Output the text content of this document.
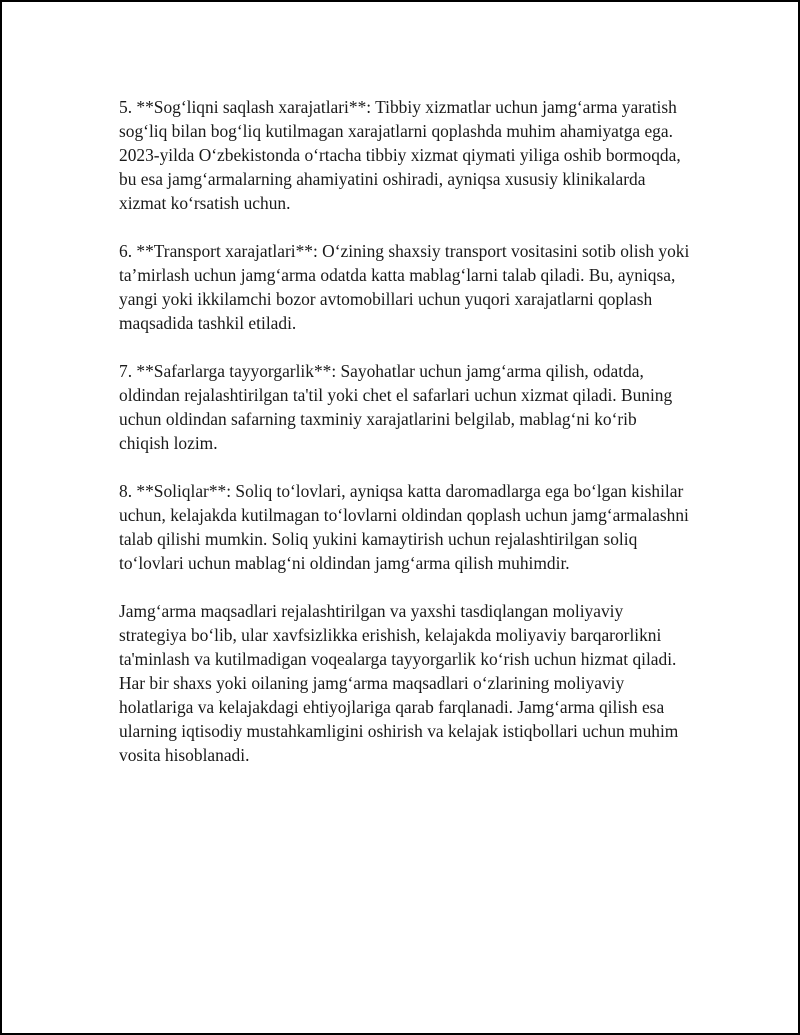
5. **Sog‘liqni saqlash xarajatlari**: Tibbiy xizmatlar uchun jamg‘arma yaratish sog‘liq bilan bog‘liq kutilmagan xarajatlarni qoplashda muhim ahamiyatga ega. 2023-yilda O‘zbekistonda o‘rtacha tibbiy xizmat qiymati yiliga oshib bormoqda, bu esa jamg‘armalarning ahamiyatini oshiradi, ayniqsa xususiy klinikalarda xizmat ko‘rsatish uchun.

6. **Transport xarajatlari**: O‘zining shaxsiy transport vositasini sotib olish yoki ta’mirlash uchun jamg‘arma odatda katta mablag‘larni talab qiladi. Bu, ayniqsa, yangi yoki ikkilamchi bozor avtomobillari uchun yuqori xarajatlarni qoplash maqsadida tashkil etiladi.

7. **Safarlarga tayyorgarlik**: Sayohatlar uchun jamg‘arma qilish, odatda, oldindan rejalashtirilgan ta'til yoki chet el safarlari uchun xizmat qiladi. Buning uchun oldindan safarning taxminiy xarajatlarini belgilab, mablag‘ni ko‘rib chiqish lozim.

8. **Soliqlar**: Soliq to‘lovlari, ayniqsa katta daromadlarga ega bo‘lgan kishilar uchun, kelajakda kutilmagan to‘lovlarni oldindan qoplash uchun jamg‘armalashni talab qilishi mumkin. Soliq yukini kamaytirish uchun rejalashtirilgan soliq to‘lovlari uchun mablag‘ni oldindan jamg‘arma qilish muhimdir.

Jamg‘arma maqsadlari rejalashtirilgan va yaxshi tasdiqlangan moliyaviy strategiya bo‘lib, ular xavfsizlikka erishish, kelajakda moliyaviy barqarorlikni ta'minlash va kutilmadigan voqealarga tayyorgarlik ko‘rish uchun hizmat qiladi. Har bir shaxs yoki oilaning jamg‘arma maqsadlari o‘zlarining moliyaviy holatlariga va kelajakdagi ehtiyojlariga qarab farqlanadi. Jamg‘arma qilish esa ularning iqtisodiy mustahkamligini oshirish va kelajak istiqbollari uchun muhim vosita hisoblanadi.
